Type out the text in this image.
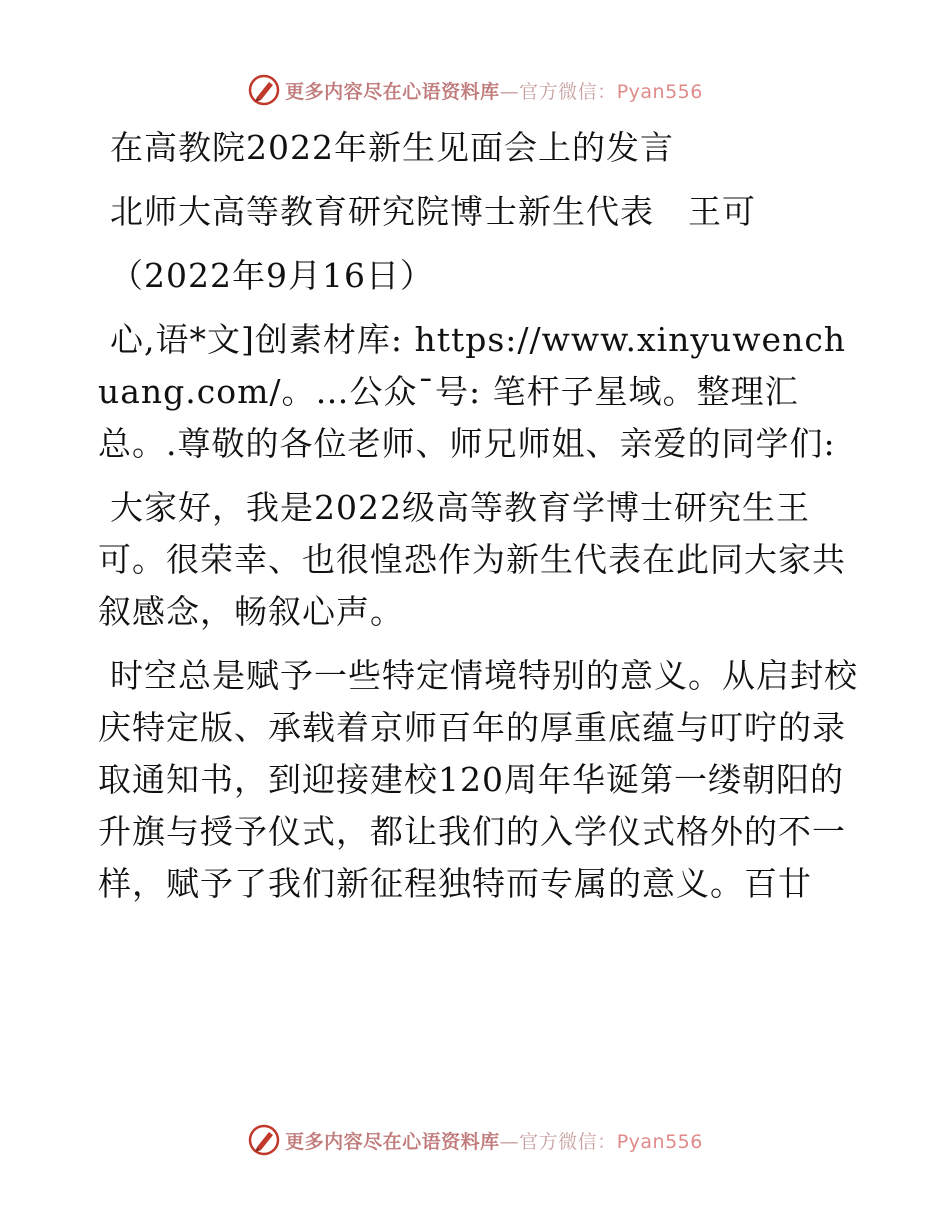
更多内容尽在心语资料库—官方微信：Pyan556

在高教院2022年新生见面会上的发言

北师大高等教育研究院博士新生代表　王可

（2022年9月16日）

心,语*文]创素材库: https://www.xinyuwenchuang.com/。…公众¯号: 笔杆子星域。整理汇总。.尊敬的各位老师、师兄师姐、亲爱的同学们:

大家好，我是2022级高等教育学博士研究生王可。很荣幸、也很惶恐作为新生代表在此同大家共叙感念，畅叙心声。

时空总是赋予一些特定情境特别的意义。从启封校庆特定版、承载着京师百年的厚重底蕴与叮咛的录取通知书，到迎接建校120周年华诞第一缕朝阳的升旗与授予仪式，都让我们的入学仪式格外的不一样，赋予了我们新征程独特而专属的意义。百廿

更多内容尽在心语资料库—官方微信：Pyan556
